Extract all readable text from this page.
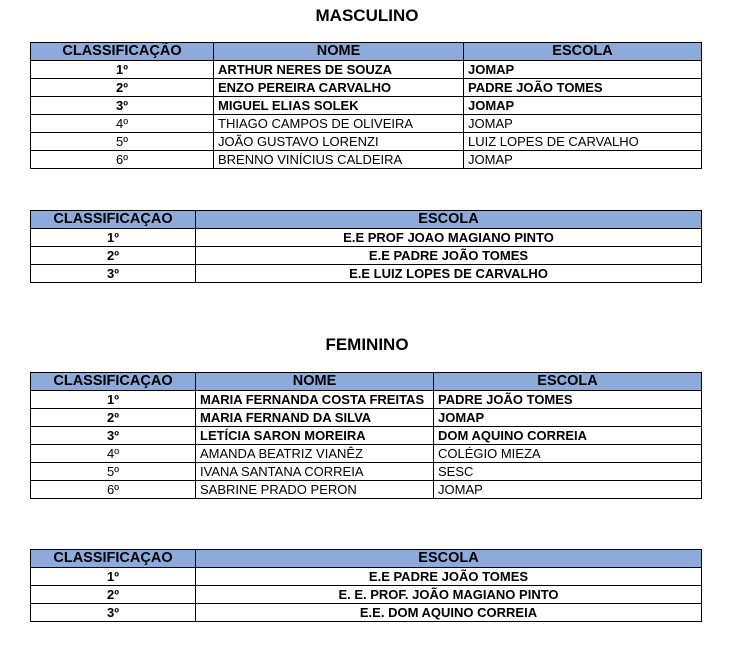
MASCULINO
CLASSIFICAÇÃO	NOME	ESCOLA
1º	ARTHUR NERES DE SOUZA	JOMAP
2º	ENZO PEREIRA CARVALHO	PADRE JOÃO TOMES
3º	MIGUEL ELIAS SOLEK	JOMAP
4º	THIAGO CAMPOS DE OLIVEIRA	JOMAP
5º	JOÃO GUSTAVO LORENZI	LUIZ LOPES DE CARVALHO
6º	BRENNO VINÍCIUS CALDEIRA	JOMAP
CLASSIFICAÇAO	ESCOLA
1º	E.E PROF JOAO MAGIANO PINTO
2º	E.E PADRE JOÃO TOMES
3º	E.E LUIZ LOPES DE CARVALHO
FEMININO
CLASSIFICAÇAO	NOME	ESCOLA
1º	MARIA FERNANDA COSTA FREITAS	PADRE JOÃO TOMES
2º	MARIA FERNAND DA SILVA	JOMAP
3º	LETÍCIA SARON MOREIRA	DOM AQUINO CORREIA
4º	AMANDA BEATRIZ VIANÊZ	COLÉGIO MIEZA
5º	IVANA SANTANA CORREIA	SESC
6º	SABRINE PRADO PERON	JOMAP
CLASSIFICAÇAO	ESCOLA
1º	E.E PADRE JOÃO TOMES
2º	E. E. PROF. JOÃO MAGIANO PINTO
3º	E.E. DOM AQUINO CORREIA
